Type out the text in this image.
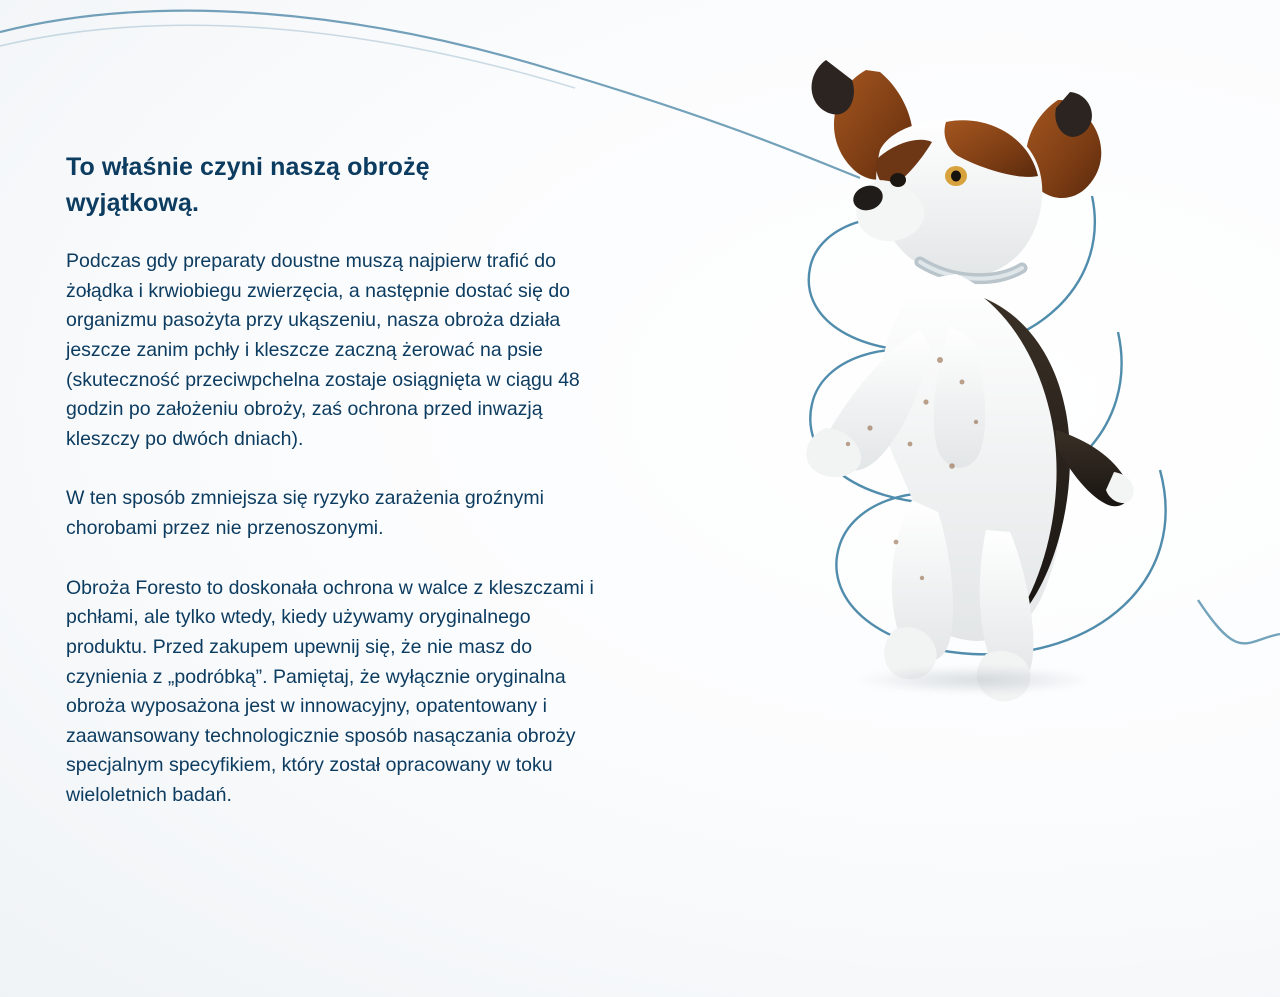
To właśnie czyni naszą obrożę wyjątkową.

Podczas gdy preparaty doustne muszą najpierw trafić do żołądka i krwiobiegu zwierzęcia, a następnie dostać się do organizmu pasożyta przy ukąszeniu, nasza obroża działa jeszcze zanim pchły i kleszcze zaczną żerować na psie (skuteczność przeciwpchelna zostaje osiągnięta w ciągu 48 godzin po założeniu obroży, zaś ochrona przed inwazją kleszczy po dwóch dniach).

W ten sposób zmniejsza się ryzyko zarażenia groźnymi chorobami przez nie przenoszonymi.

Obroża Foresto to doskonała ochrona w walce z kleszczami i pchłami, ale tylko wtedy, kiedy używamy oryginalnego produktu. Przed zakupem upewnij się, że nie masz do czynienia z „podróbką”. Pamiętaj, że wyłącznie oryginalna obroża wyposażona jest w innowacyjny, opatentowany i zaawansowany technologicznie sposób nasączania obroży specjalnym specyfikiem, który został opracowany w toku wieloletnich badań.
